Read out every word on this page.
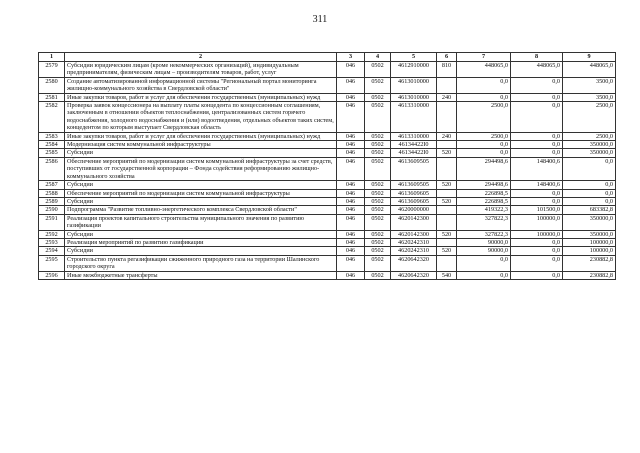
311
1	2	3	4	5	6	7	8	9
2579	Субсидии юридическим лицам (кроме некоммерческих организаций), индивидуальным предпринимателям, физическим лицам – производителям товаров, работ, услуг	046	0502	4612910000	810	448065,0	448065,0	448065,0
2580	Создание автоматизированной информационной системы "Региональный портал мониторинга жилищно-коммунального хозяйства в Свердловской области"	046	0502	4613010000		0,0	0,0	3500,0
2581	Иные закупки товаров, работ и услуг для обеспечения государственных (муниципальных) нужд	046	0502	4613010000	240	0,0	0,0	3500,0
2582	Проверка заявок концессионера на выплату платы концедента по концессионным соглашениям, заключенным в отношении объектов теплоснабжения, централизованных систем горячего водоснабжения, холодного водоснабжения и (или) водоотведения, отдельных объектов таких систем, концедентом по которым выступает Свердловская область	046	0502	4613310000		2500,0	0,0	2500,0
2583	Иные закупки товаров, работ и услуг для обеспечения государственных (муниципальных) нужд	046	0502	4613310000	240	2500,0	0,0	2500,0
2584	Модернизация систем коммунальной инфраструктуры	046	0502	46134422I0		0,0	0,0	350000,0
2585	Субсидии	046	0502	46134422I0	520	0,0	0,0	350000,0
2586	Обеспечение мероприятий по модернизации систем коммунальной инфраструктуры за счет средств, поступивших от государственной корпорации – Фонда содействия реформированию жилищно-коммунального хозяйства	046	0502	4613609505		294498,6	148400,6	0,0
2587	Субсидии	046	0502	4613609505	520	294498,6	148400,6	0,0
2588	Обеспечение мероприятий по модернизации систем коммунальной инфраструктуры	046	0502	4613609605		226898,5	0,0	0,0
2589	Субсидии	046	0502	4613609605	520	226898,5	0,0	0,0
2590	Подпрограмма "Развитие топливно-энергетического комплекса Свердловской области"	046	0502	4620000000		419322,3	101500,0	683382,8
2591	Реализация проектов капитального строительства муниципального значения по развитию газификации	046	0502	4620142300		327822,3	100000,0	350000,0
2592	Субсидии	046	0502	4620142300	520	327822,3	100000,0	350000,0
2593	Реализация мероприятий по развитию газификации	046	0502	4620242310		90000,0	0,0	100000,0
2594	Субсидии	046	0502	4620242310	520	90000,0	0,0	100000,0
2595	Строительство пункта регазификации сжиженного природного газа на территории Шалинского городского округа	046	0502	4620642320		0,0	0,0	230882,8
2596	Иные межбюджетные трансферты	046	0502	4620642320	540	0,0	0,0	230882,8
